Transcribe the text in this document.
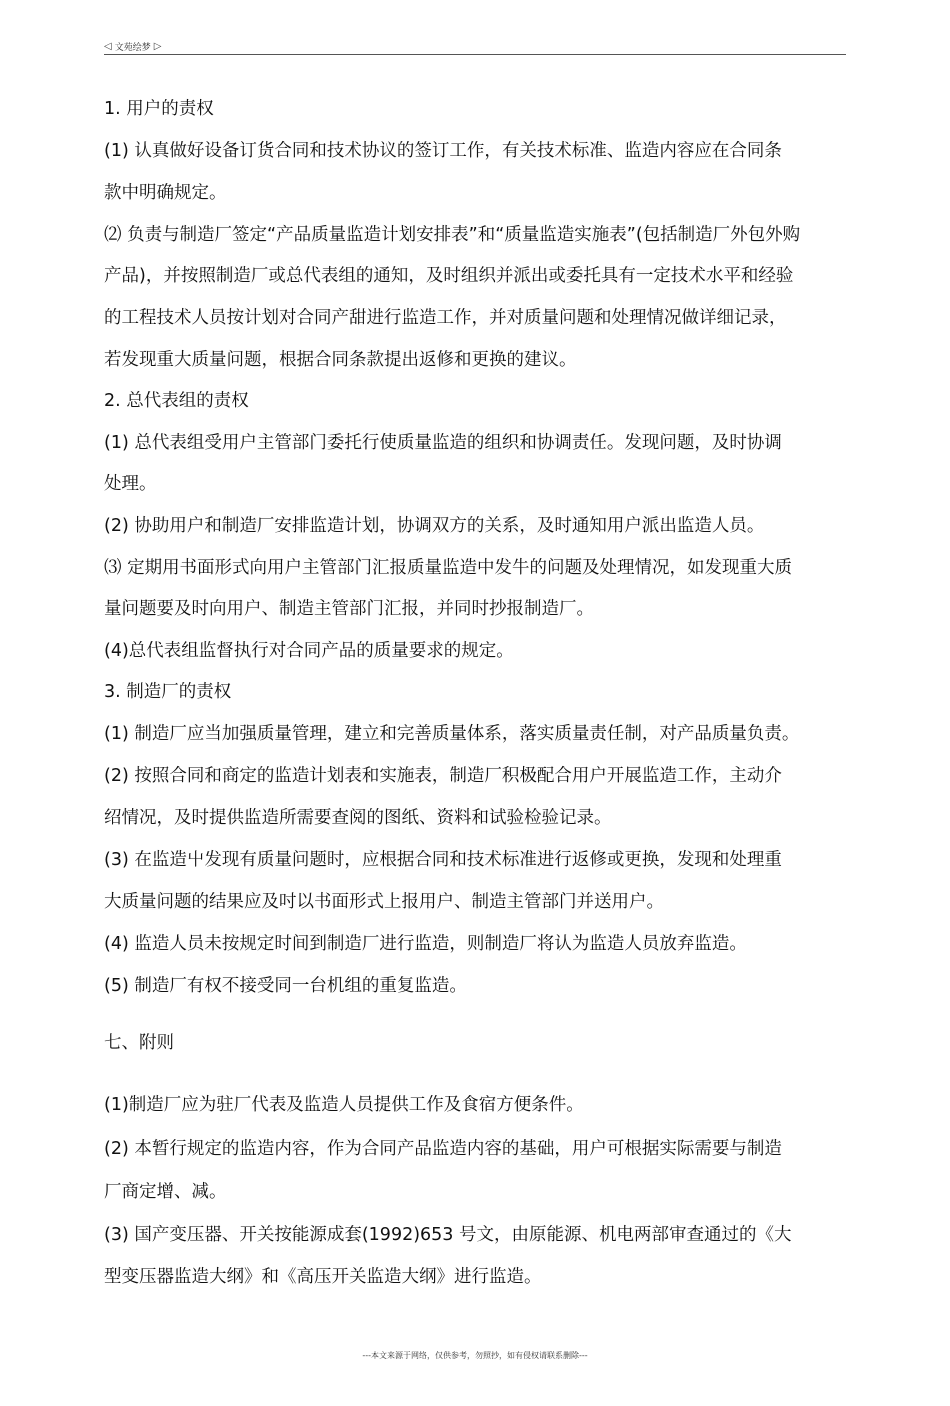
◁ 文苑绘梦 ▷
1. 用户的责权
(1) 认真做好设备订货合同和技术协议的签订工作，有关技术标准、监造内容应在合同条
款中明确规定。
⑵ 负责与制造厂签定“产品质量监造计划安排表”和“质量监造实施表”(包括制造厂外包外购
产品)，并按照制造厂或总代表组的通知，及时组织并派出或委托具有一定技术水平和经验
的工程技术人员按计划对合同产甜进行监造工作，并对质量问题和处理情况做详细记录，
若发现重大质量问题，根据合同条款提出返修和更换的建议。
2. 总代表组的责权
(1) 总代表组受用户主管部门委托行使质量监造的组织和协调责任。发现问题，及时协调
处理。
(2) 协助用户和制造厂安排监造计划，协调双方的关系，及时通知用户派出监造人员。
⑶ 定期用书面形式向用户主管部门汇报质量监造中发牛的问题及处理情况，如发现重大质
量问题要及时向用户、制造主管部门汇报，并同时抄报制造厂。
(4)总代表组监督执行对合同产品的质量要求的规定。
3. 制造厂的责权
(1) 制造厂应当加强质量管理，建立和完善质量体系，落实质量责任制，对产品质量负责。
(2) 按照合同和商定的监造计划表和实施表，制造厂积极配合用户开展监造工作，主动介
绍情况，及时提供监造所需要查阅的图纸、资料和试验检验记录。
(3) 在监造屮发现有质量问题时，应根据合同和技术标准进行返修或更换，发现和处理重
大质量问题的结果应及吋以书面形式上报用户、制造主管部门并送用户。
(4) 监造人员未按规定时间到制造厂进行监造，则制造厂将认为监造人员放弃监造。
(5) 制造厂有权不接受同一台机组的重复监造。
七、附则
(1)制造厂应为驻厂代表及监造人员提供工作及食宿方便条件。
(2) 本暂行规定的监造内容，作为合同产品监造内容的基础，用户可根据实际需要与制造
厂商定增、减。
(3) 国产变压器、开关按能源成套(1992)653 号文，由原能源、机电两部审查通过的《大
型变压器监造大纲》和《高压开关监造大纲》进行监造。
---本文来源于网络，仅供参考，勿照抄，如有侵权请联系删除---
